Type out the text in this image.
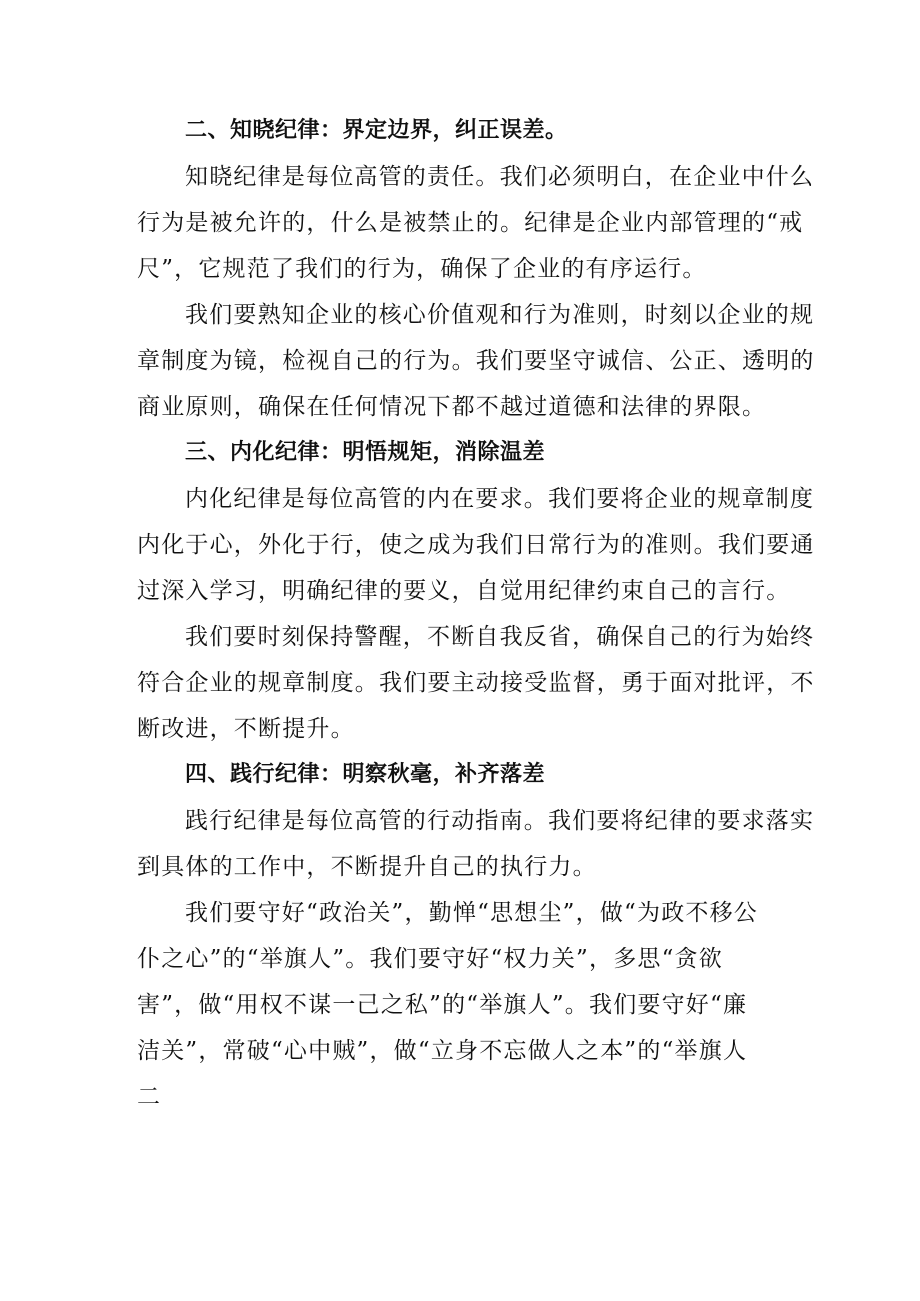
二、知晓纪律：界定边界，纠正误差。

知晓纪律是每位高管的责任。我们必须明白，在企业中什么
行为是被允许的，什么是被禁止的。纪律是企业内部管理的“戒
尺”，它规范了我们的行为，确保了企业的有序运行。

我们要熟知企业的核心价值观和行为准则，时刻以企业的规
章制度为镜，检视自己的行为。我们要坚守诚信、公正、透明的
商业原则，确保在任何情况下都不越过道德和法律的界限。

三、内化纪律：明悟规矩，消除温差

内化纪律是每位高管的内在要求。我们要将企业的规章制度
内化于心，外化于行，使之成为我们日常行为的准则。我们要通
过深入学习，明确纪律的要义，自觉用纪律约束自己的言行。

我们要时刻保持警醒，不断自我反省，确保自己的行为始终
符合企业的规章制度。我们要主动接受监督，勇于面对批评，不
断改进，不断提升。

四、践行纪律：明察秋毫，补齐落差

践行纪律是每位高管的行动指南。我们要将纪律的要求落实
到具体的工作中，不断提升自己的执行力。

我们要守好“政治关”，勤惮“思想尘”，做“为政不移公
仆之心”的“举旗人”。我们要守好“权力关”，多思“贪欲
害”，做“用权不谋一己之私”的“举旗人”。我们要守好“廉
洁关”，常破“心中贼”，做“立身不忘做人之本”的“举旗人
二
